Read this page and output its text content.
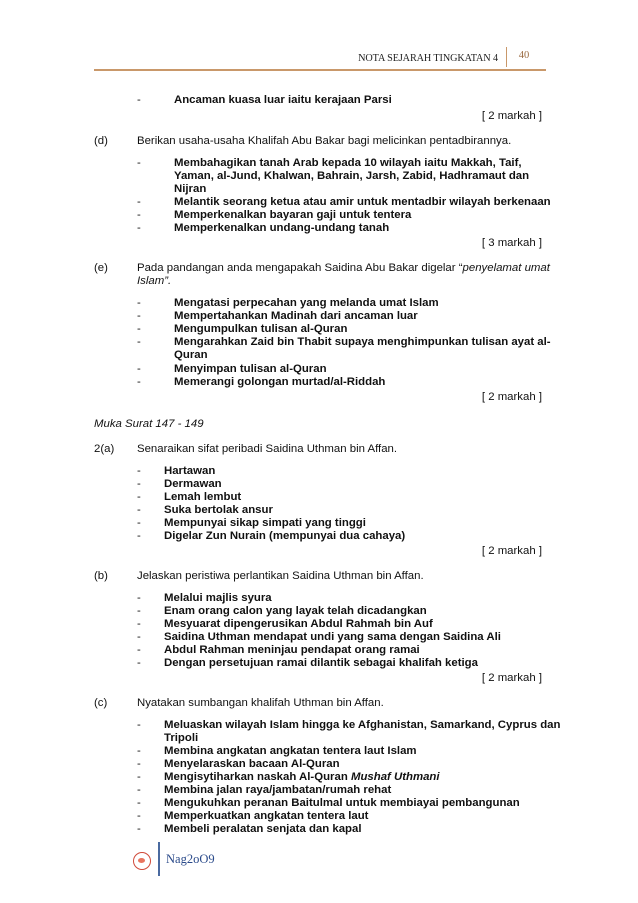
NOTA SEJARAH TINGKATAN 4	40
-	Ancaman kuasa luar iaitu kerajaan Parsi
[ 2 markah ]
(d)	Berikan usaha-usaha Khalifah Abu Bakar bagi melicinkan pentadbirannya.
-	Membahagikan tanah Arab kepada 10 wilayah iaitu Makkah, Taif,
Yaman, al-Jund, Khalwan, Bahrain, Jarsh, Zabid, Hadhramaut dan
Nijran
-	Melantik seorang ketua atau amir untuk mentadbir wilayah berkenaan
-	Memperkenalkan bayaran gaji untuk tentera
-	Memperkenalkan undang-undang tanah
[ 3 markah ]
(e)	Pada pandangan anda mengapakah Saidina Abu Bakar digelar “penyelamat umat
Islam”.
-	Mengatasi perpecahan yang melanda umat Islam
-	Mempertahankan Madinah dari ancaman luar
-	Mengumpulkan tulisan al-Quran
-	Mengarahkan Zaid bin Thabit supaya menghimpunkan tulisan ayat al-
Quran
-	Menyimpan tulisan al-Quran
-	Memerangi golongan murtad/al-Riddah
[ 2 markah ]
Muka Surat 147 - 149
2(a) Senaraikan sifat peribadi Saidina Uthman bin Affan.
- Hartawan
- Dermawan
- Lemah lembut
- Suka bertolak ansur
- Mempunyai sikap simpati yang tinggi
- Digelar Zun Nurain (mempunyai dua cahaya)
[ 2 markah ]
(b)	Jelaskan peristiwa perlantikan Saidina Uthman bin Affan.
- Melalui majlis syura
- Enam orang calon yang layak telah dicadangkan
- Mesyuarat dipengerusikan Abdul Rahmah bin Auf
- Saidina Uthman mendapat undi yang sama dengan Saidina Ali
- Abdul Rahman meninjau pendapat orang ramai
- Dengan persetujuan ramai dilantik sebagai khalifah ketiga
[ 2 markah ]
(c)	Nyatakan sumbangan khalifah Uthman bin Affan.
- Meluaskan wilayah Islam hingga ke Afghanistan, Samarkand, Cyprus dan
Tripoli
- Membina angkatan angkatan tentera laut Islam
- Menyelaraskan bacaan Al-Quran
- Mengisytiharkan naskah Al-Quran Mushaf Uthmani
- Membina jalan raya/jambatan/rumah rehat
- Mengukuhkan peranan Baitulmal untuk membiayai pembangunan
- Memperkuatkan angkatan tentera laut
- Membeli peralatan senjata dan kapal
Nag2oO9
